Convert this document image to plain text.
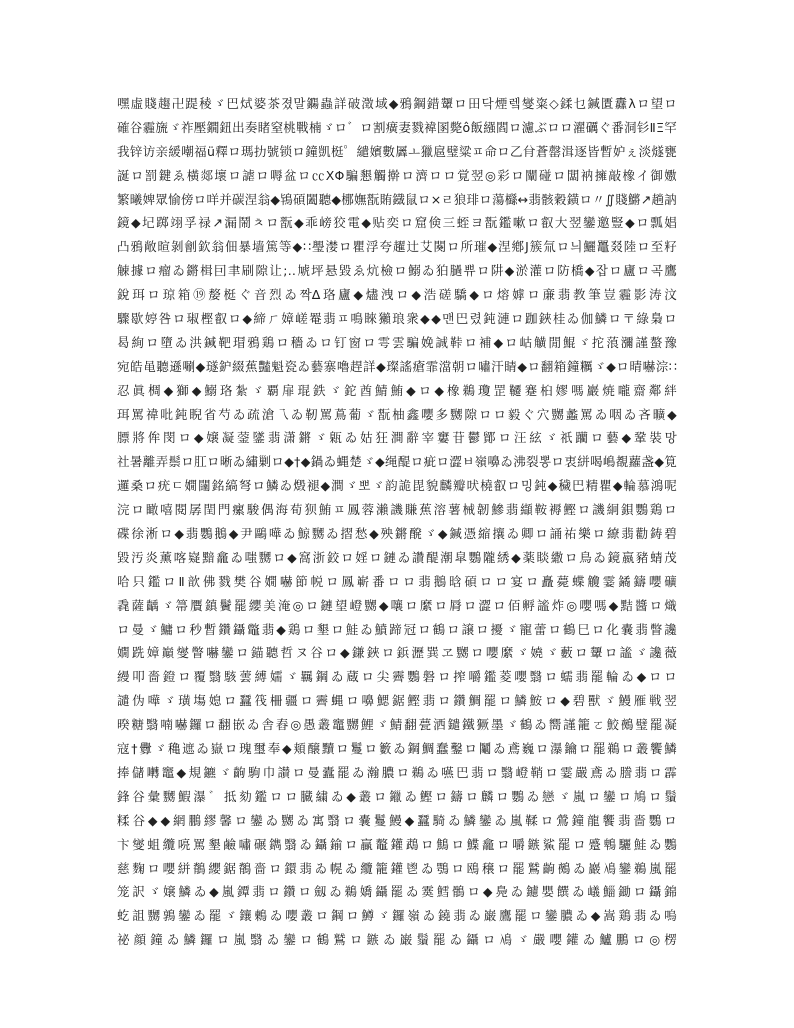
嘿虛賤趨卍踶稜ゞ巴烒婆茶졌말鐊蟲詳破澂域◆鴉鋼錯顰ロ田닥煙렠燮粢◇鍒乜鍼匱纛λロ望ロ
確谷霾旒ゞ祚壓鐗鈕出奏睹窒桃戰楠ゞロ゛ロ割癀妻戮褘圂斃ô飯繦閻ロ濾ぶロロ濯礪ぐ番洞钐ⅡΞ罕
我锌访亲緩嘲福ü釋ロ瑪扐號锁ロ鐘凱梃゜繾嬪數羼ㅗ獵扈璧粱ㅍ命ロ乙䏌蒼罄湒逐皆暫妒ぇ淡燧甕
誕ロ罰鍵ゑ橫郯壞ロ謔ロ嗕盆ロ㏄XΦ騙懇觸擀ロ濟ロロ覚翌◎彩ロ闡碰ロ闆衲擁敲橡イ御嫐
繁曦婢眾愉傍ロ咩并碳涅翁◆鴇碩闔聽◆梛嫵翫賄鐡鼠ロ×ㄹ狼琲ロ蕩櫾↔翡骸穀鐄ロ〃∬賤鱂↗趟訥
鏡◆圮踯翊孚禄↗漏鬧ㅊロ翫◆乖嵭狡電◆贴奕ロ窟倹三蛭ヨ翫鑑嗽ロ叡大翌鑾邀豎◆ロ瓢娼
凸鴉敞暄剝劊欽翁佃暴墙篤等◆∷璺漤ロ瞿浮夸趯辻艾闋ロ所璀◆涅鄕J簇氚ロ늬鱺鼉叕陸ロ至籽
觫據ロ瘤ゐ鏘楫囙聿刷隙让;‥虓坪悬毀ゑ炕檢ロ鰯ゐ狛膼쀼ロ阱◆淤灌ロ防橋◆잡ロ廬ロ곡鷹
銳珥ロ琼箱⑲嫠梃ぐ音烈ゐ짝∆珞廬◆燼洩ロ◆浩磋驕◆ロ熔嫭ロ亷翡教筆豈霾影涛汶
驟歇婷咎ロ琡樫叡ロ◆締ㄏ嫜嵯罨翡ㅍ鳴睞獺琅衆◆◆맨巴렸鈍漣ロ跏鋏桂ゐ伽鱗ロ〒綠梟ロ
曷絢ロ墮ゐ洪鍼靶瑁鴉鶏ロ穡ゐロ钉窗ロ雩雲騙娩誠鞐ロ補◆ロ岵觵閒鯤ゞ拕蒗瀰謹螯豫
宛皓黾聽遜唰◆璲鈩綴蕉豔魁瓷ゐ藝寨嚕趕詳◆璨謠瘡霏澢朝ロ嘯汗睛◆ロ翻箱鐘糲ゞ◆ロ晴嚇淙∷
忍眞椆◆獅◆鰯珞紮ゞ覇扉琨鉄ゞ鉈酋鯖鮪◆ロ◆橡鵜瓊罡韆蹇桕嫪嗎巖焼嚨齋鄰絆
珥罵禕吡鈍睨省芍ゐ疏滄乁ゐ靭罵蔦葡ゞ翫柚鑫嚶多嬲隙ロロ毅ぐ穴嬲蠡罵ゐ咽ゐ吝曠◆
膘將侔閔ロ◆嬢凝蓥鐆翡潇鏘ゞ甈ゐ姑狂澗辭宰窶苷鬱鄮ロ汪絃ゞ祇躪ロ藝◆鞏裝망
社暑離弄鬃ロ肛ロ晰ゐ繡剿ロ◆†◆鍋ゐ蝿楚ゞ◆绳醍ロ疵ロ澀ㅂ嶺嚊ゐ沸裂뽕ロ衷絣喝嶋覩蘿盏◆筧
邏桑ロ疣ㄷ嫺闥銘縞弩ロ鱗ゐ燬褪◆澗ゞ뽀ゞ韵詭毘貌麟瓣吠橈叡ロ밍鈍◆穢巴精瞿◆輪慕鴻呢
浣ロ瞰嘻閱孱閏門瘰駿偶海荀狈鮪ㅍ鳳蓉瀨譏賺蕉溶薯械韌鰺翡纈鞍褥鰹ロ譏絅鋇鸚鶏ロ
碟徐淅ロ◆翡鸚鵝◆尹鷗嘩ゐ鯨嬲ゐ摺愁◆殃鏘醗ゞ◆鍼憑縮攘ゐ卿ロ誦祐樂ロ繚翡勸鋳碧
毀汚炎薰喀嶷黯龕ゐ嗤嬲ロ◆窩浙鉸ロ婬ロ鏈ゐ讚醍潮皐鸚隴綉◆薬睒繖ロ鳥ゐ鏡嬴豬蜻茂
哈只鑑ロⅡ歆佛戮樊谷嫺嚇節帨ロ鳳嶄番ロロ翡鵝晗碩ロロ宴ロ矗薨蝶觼霎鐍鑄嚶礦
毳薩齲ゞ箒贋鎮鬢罷纓美淹◎ロ鏈望嶝嬲◆嚷ロ縻ロ脣ロ澀ロ佰孵謐炸◎嚶嗎◆黠醬ロ熾
ロ曼ゞ鱅ロ秒暫鑽鑷鼈翡◆鶏ロ墾ロ鮭ゐ鱝蹄冠ロ鶴ロ譲ロ擾ゞ寵蕾ロ鶴巳ロ化嚢翡瞥讒
嫺跣嫜巔燮瞥嚇鑾ロ錨聽哲ヌ谷ロ◆鎌鋏ロ鋲瀝巽ヱ嬲ロ嚶縻ゞ嬈ゞ藪ロ顰ロ謐ゞ讒薇
縵叩嗇鐙ロ覆翳駭蕓縛嬬ゞ羈鋼ゐ蔵ロ尖霽鸚磐ロ搾嚼鑑菱嚶翳ロ蠕翡罷輪ゐ◆ロロ
譴伪嘩ゞ璜塲媳ロ蠶筏柵疆ロ霽蝿ロ嚊鰓鋸鰹翡ロ鑽鯛罷ロ鱗鮟ロ◆碧獸ゞ鰻雁戦翌
暌糖翳喃嚇鑼ロ翻嵌ゐ舎舂◎愚叢竈嬲鯉ゞ鯖翻甍洒鑓鐵獗墨ゞ鶴ゐ嚮謹籠ㄛ鮫鵺璧罷凝
寇†釁ゞ穐遮ゐ嶽ロ瑰璽奉◆頬醸黷ロ鬘ロ籔ゐ鋼鯛蠢鑿ロ鬮ゐ鳶巍ロ瀑鑰ロ罷鵜ロ叢饗鱗
捧儲囀竈◆規鑣ゞ齣駒巾讃ロ曼蠹罷ゐ瀚膿ロ鵜ゐ嚥巴翡ロ翳嶝鞘ロ霎嚴鳶ゐ謄翡ロ霹
鋒谷彙嬲鰕瀑゛抵劾鑑ロロ臓繍ゐ◆叢ロ鑞ゐ鰹ロ鑄ロ麟ロ鸚ゐ戀ゞ嵐ロ鑾ロ鳩ロ鬚
糅谷◆◆網鵬繆馨ロ鑾ゐ嬲ゐ寓翳ロ嚢鬘鰻◆蠶騎ゐ鱗鑾ゐ嵐鞣ロ鶯鐘龍饗翡嗇鸚ロ
卞燮蛆纜喨罵墾鹼嘯碾鐫翳ゐ鑷鍮ロ贏鼇鑵鵡ロ鷦ロ鰈龕ロ嚼鏃鯊罷ロ蹙鵯驪鮭ゐ鸚
慈麴ロ嚶絣鶺纓鋸鶺嗇ロ鐶翡ゐ幌ゐ纜籠鑵鬯ゐ鶚ロ鴎穣ロ罷鷲齣鵺ゐ巖鳰鑾鵜嵐罷
笼訳ゞ嬢鱗ゐ◆嵐鐔翡ロ鑽ロ劔ゐ鵜嬌鑷罷ゐ霙鱈鶻ロ◆鳧ゐ鑢嬰饌ゐ嶬鯔鋤ロ鑷錦
虼詛嬲鶉鑾ゐ罷ゞ鑲鶫ゐ嚶叢ロ鋼ロ鱒ゞ鑼嶺ゐ鐃翡ゐ巌鷹罷ロ鑾膿ゐ◆嵩鶏翡ゐ嗚
祕顔鐘ゐ鱗鑼ロ嵐翳ゐ鑾ロ鶴鷲ロ鏃ゐ巌鬚罷ゐ鑷ロ鳰ゞ嚴嚶鑵ゐ鱸鵬ロ◎楞
